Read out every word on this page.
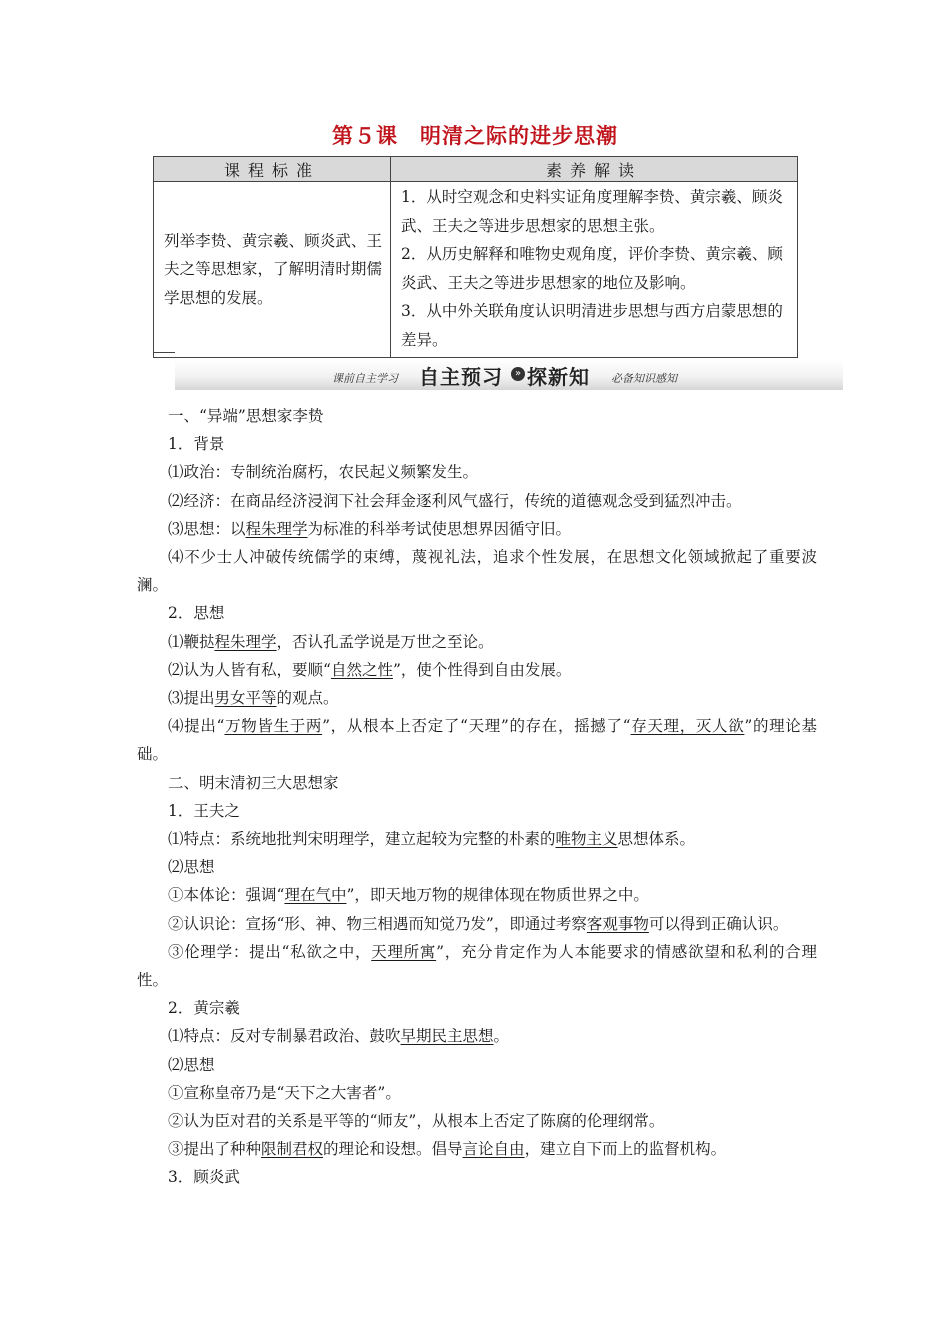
第５课 明清之际的进步思潮
课程标准	素养解读
列举李贽、黄宗羲、顾炎武、王夫之等思想家，了解明清时期儒学思想的发展。	1．从时空观念和史料实证角度理解李贽、黄宗羲、顾炎武、王夫之等进步思想家的思想主张。
2．从历史解释和唯物史观角度，评价李贽、黄宗羲、顾炎武、王夫之等进步思想家的地位及影响。
3．从中外关联角度认识明清进步思想与西方启蒙思想的差异。
课前自主学习 自主预习	» 探新知 必备知识感知

一、“异端”思想家李贽

1．背景

⑴政治：专制统治腐朽，农民起义频繁发生。

⑵经济：在商品经济浸润下社会拜金逐利风气盛行，传统的道德观念受到猛烈冲击。

⑶思想：以程朱理学为标准的科举考试使思想界因循守旧。

⑷不少士人冲破传统儒学的束缚，蔑视礼法，追求个性发展，在思想文化领域掀起了重要波澜。

2．思想

⑴鞭挞程朱理学，否认孔孟学说是万世之至论。

⑵认为人皆有私，要顺“自然之性”，使个性得到自由发展。

⑶提出男女平等的观点。

⑷提出“万物皆生于两”，从根本上否定了“天理”的存在，摇撼了“存天理，灭人欲”的理论基础。

二、明末清初三大思想家

1．王夫之

⑴特点：系统地批判宋明理学，建立起较为完整的朴素的唯物主义思想体系。

⑵思想

①本体论：强调“理在气中”，即天地万物的规律体现在物质世界之中。

②认识论：宣扬“形、神、物三相遇而知觉乃发”，即通过考察客观事物可以得到正确认识。

③伦理学：提出“私欲之中，天理所寓”，充分肯定作为人本能要求的情感欲望和私利的合理性。

2．黄宗羲

⑴特点：反对专制暴君政治、鼓吹早期民主思想。

⑵思想

①宣称皇帝乃是“天下之大害者”。

②认为臣对君的关系是平等的“师友”，从根本上否定了陈腐的伦理纲常。

③提出了种种限制君权的理论和设想。倡导言论自由，建立自下而上的监督机构。

3．顾炎武
